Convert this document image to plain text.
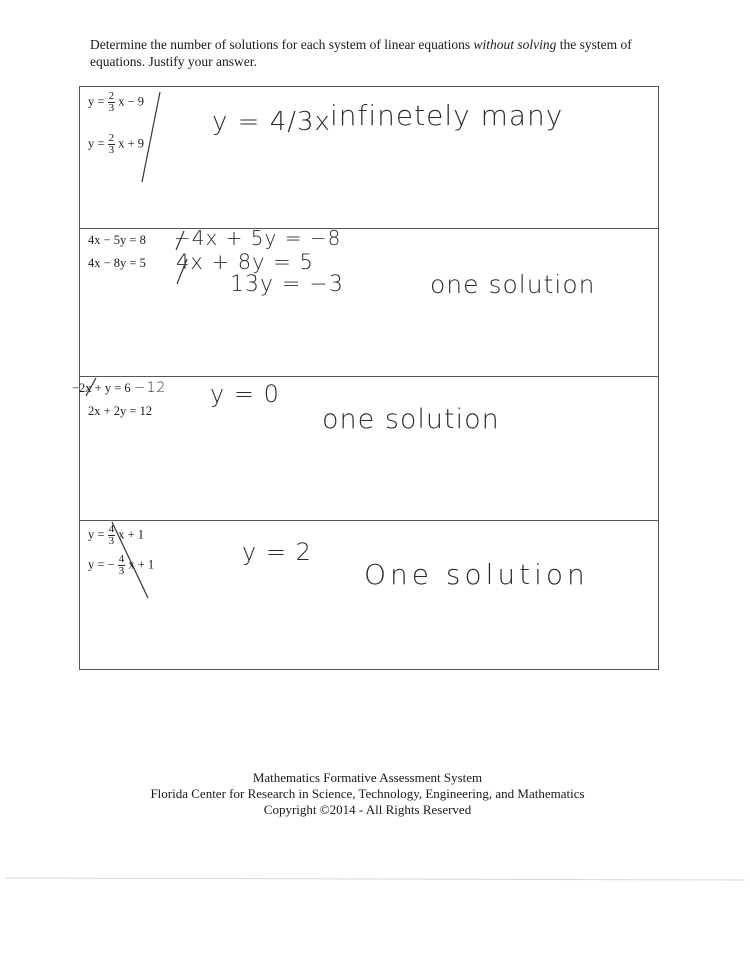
Determine the number of solutions for each system of linear equations without solving the system of equations. Justify your answer.
$y = \frac{2}{3}$ x − 9
$y = \frac{2}{3}$ x + 9
y = 4/3x infinetely many
4x − 5y = 8
4x − 8y = 5
−4x + 5y = −8
4x + 8y = 5
13y = −3	one solution
−2x + y = 6 −12
2x + 2y = 12
y = 0
one solution
$y = \frac{4}{3}$ x + 1
y = − $\frac{4}{3}$ x + 1	y = 2
One solution
Mathematics Formative Assessment System
Florida Center for Research in Science, Technology, Engineering, and Mathematics
Copyright ©2014 - All Rights Reserved
